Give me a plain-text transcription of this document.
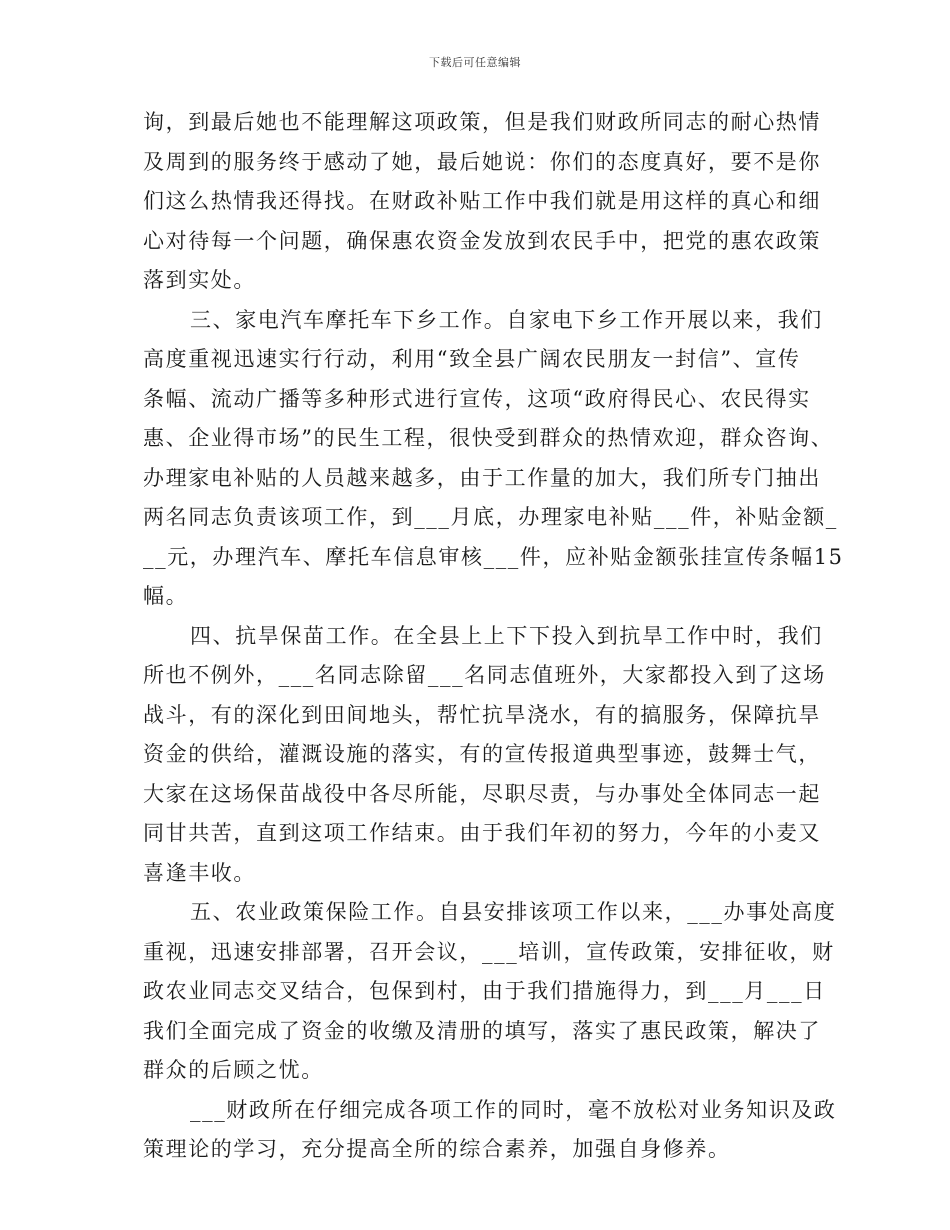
下载后可任意编辑
询，到最后她也不能理解这项政策，但是我们财政所同志的耐心热情
及周到的服务终于感动了她，最后她说：你们的态度真好，要不是你
们这么热情我还得找。在财政补贴工作中我们就是用这样的真心和细
心对待每一个问题，确保惠农资金发放到农民手中，把党的惠农政策
落到实处。
三、家电汽车摩托车下乡工作。自家电下乡工作开展以来，我们
高度重视迅速实行行动，利用“致全县广阔农民朋友一封信”、宣传
条幅、流动广播等多种形式进行宣传，这项“政府得民心、农民得实
惠、企业得市场”的民生工程，很快受到群众的热情欢迎，群众咨询、
办理家电补贴的人员越来越多，由于工作量的加大，我们所专门抽出
两名同志负责该项工作，到___月底，办理家电补贴___件，补贴金额_
__元，办理汽车、摩托车信息审核___件，应补贴金额张挂宣传条幅15
幅。
四、抗旱保苗工作。在全县上上下下投入到抗旱工作中时，我们
所也不例外，___名同志除留___名同志值班外，大家都投入到了这场
战斗，有的深化到田间地头，帮忙抗旱浇水，有的搞服务，保障抗旱
资金的供给，灌溉设施的落实，有的宣传报道典型事迹，鼓舞士气，
大家在这场保苗战役中各尽所能，尽职尽责，与办事处全体同志一起
同甘共苦，直到这项工作结束。由于我们年初的努力，今年的小麦又
喜逢丰收。
五、农业政策保险工作。自县安排该项工作以来，___办事处高度
重视，迅速安排部署，召开会议，___培训，宣传政策，安排征收，财
政农业同志交叉结合，包保到村，由于我们措施得力，到___月___日
我们全面完成了资金的收缴及清册的填写，落实了惠民政策，解决了
群众的后顾之忧。
___财政所在仔细完成各项工作的同时，毫不放松对业务知识及政
策理论的学习，充分提高全所的综合素养，加强自身修养。
